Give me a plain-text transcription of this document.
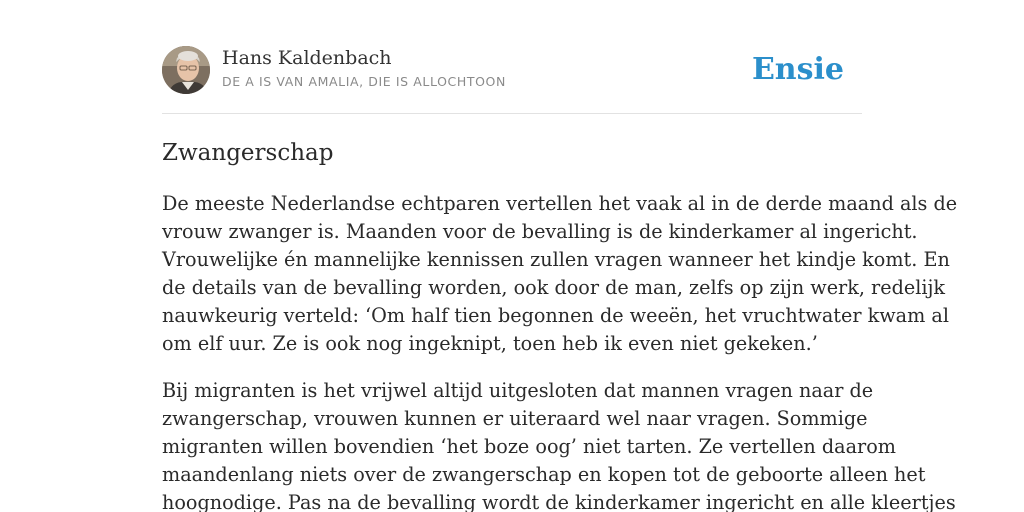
Hans Kaldenbach
DE A IS VAN AMALIA, DIE IS ALLOCHTOON	Ensie
Zwangerschap

De meeste Nederlandse echtparen vertellen het vaak al in de derde maand als de
vrouw zwanger is. Maanden voor de bevalling is de kinderkamer al ingericht.
Vrouwelijke én mannelijke kennissen zullen vragen wanneer het kindje komt. En
de details van de bevalling worden, ook door de man, zelfs op zijn werk, redelijk
nauwkeurig verteld: ‘Om half tien begonnen de weeën, het vruchtwater kwam al
om elf uur. Ze is ook nog ingeknipt, toen heb ik even niet gekeken.’

Bij migranten is het vrijwel altijd uitgesloten dat mannen vragen naar de
zwangerschap, vrouwen kunnen er uiteraard wel naar vragen. Sommige
migranten willen bovendien ‘het boze oog’ niet tarten. Ze vertellen daarom
maandenlang niets over de zwangerschap en kopen tot de geboorte alleen het
hoognodige. Pas na de bevalling wordt de kinderkamer ingericht en alle kleertjes
